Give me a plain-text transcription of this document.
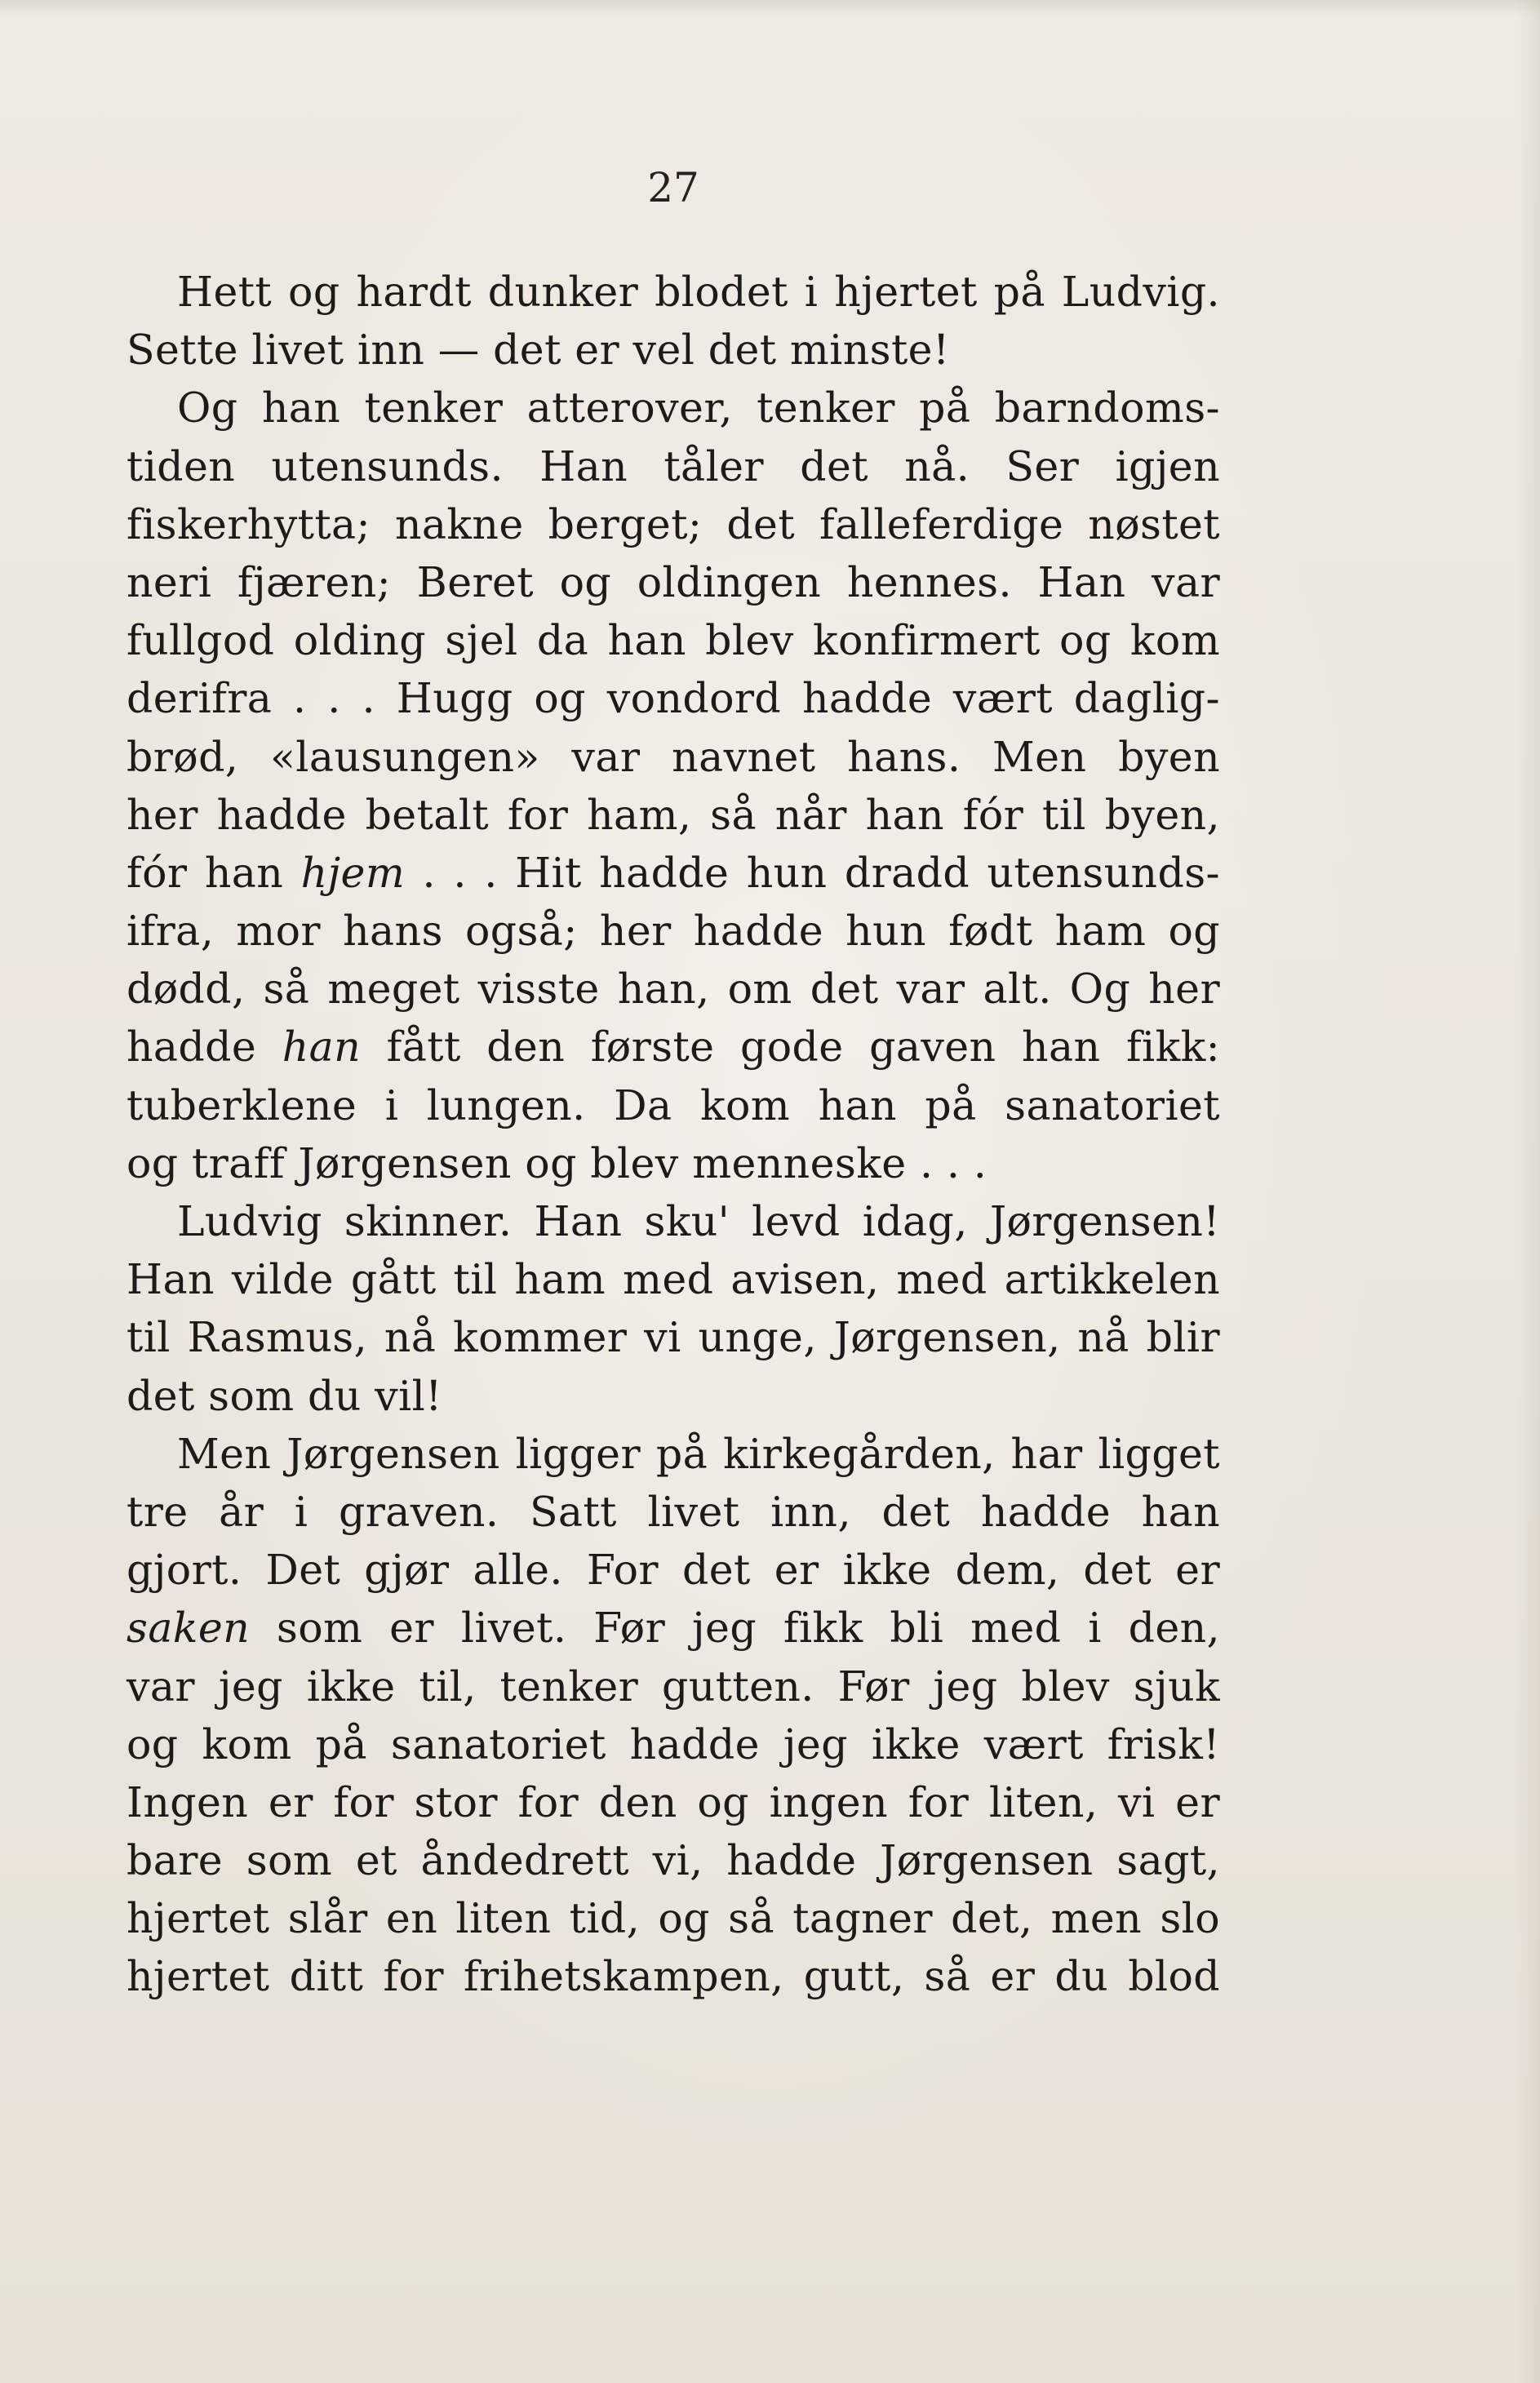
27
Hett og hardt dunker blodet i hjertet på Ludvig.
Sette livet inn — det er vel det minste!
Og han tenker atterover, tenker på barndoms-
tiden utensunds. Han tåler det nå. Ser igjen
fiskerhytta; nakne berget; det falleferdige nøstet
neri fjæren; Beret og oldingen hennes. Han var
fullgod olding sjel da han blev konfirmert og kom
derifra . . . Hugg og vondord hadde vært daglig-
brød, «lausungen» var navnet hans. Men byen
her hadde betalt for ham, så når han fór til byen,
fór han hjem . . . Hit hadde hun dradd utensunds-
ifra, mor hans også; her hadde hun født ham og
dødd, så meget visste han, om det var alt. Og her
hadde han fått den første gode gaven han fikk:
tuberklene i lungen. Da kom han på sanatoriet
og traff Jørgensen og blev menneske . . .
Ludvig skinner. Han sku' levd idag, Jørgensen!
Han vilde gått til ham med avisen, med artikkelen
til Rasmus, nå kommer vi unge, Jørgensen, nå blir
det som du vil!
Men Jørgensen ligger på kirkegården, har ligget
tre år i graven. Satt livet inn, det hadde han
gjort. Det gjør alle. For det er ikke dem, det er
saken som er livet. Før jeg fikk bli med i den,
var jeg ikke til, tenker gutten. Før jeg blev sjuk
og kom på sanatoriet hadde jeg ikke vært frisk!
Ingen er for stor for den og ingen for liten, vi er
bare som et åndedrett vi, hadde Jørgensen sagt,
hjertet slår en liten tid, og så tagner det, men slo
hjertet ditt for frihetskampen, gutt, så er du blod
